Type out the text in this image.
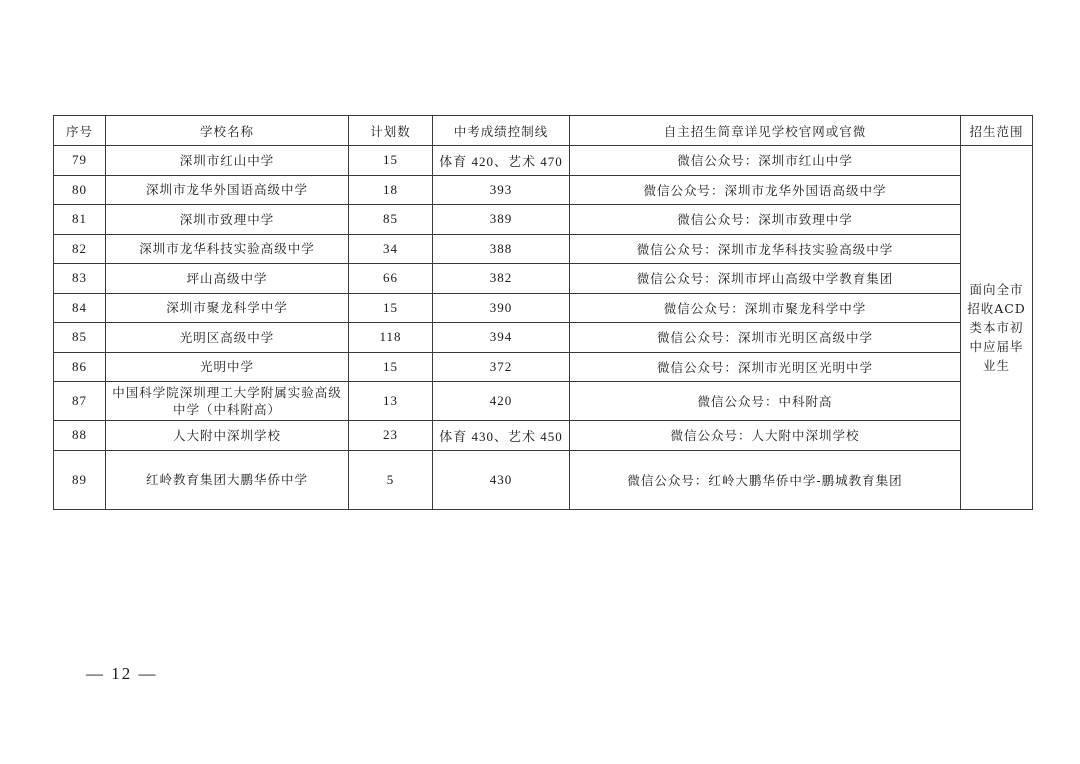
序号	学校名称	计划数	中考成绩控制线	自主招生简章详见学校官网或官微	招生范围
79	深圳市红山中学	15	体育 420、艺术 470	微信公众号：深圳市红山中学	面向全市招收ACD类本市初中应届毕业生
80	深圳市龙华外国语高级中学	18	393	微信公众号：深圳市龙华外国语高级中学	
81	深圳市致理中学	85	389	微信公众号：深圳市致理中学	
82	深圳市龙华科技实验高级中学	34	388	微信公众号：深圳市龙华科技实验高级中学	
83	坪山高级中学	66	382	微信公众号：深圳市坪山高级中学教育集团	
84	深圳市聚龙科学中学	15	390	微信公众号：深圳市聚龙科学中学	
85	光明区高级中学	118	394	微信公众号：深圳市光明区高级中学	
86	光明中学	15	372	微信公众号：深圳市光明区光明中学	
87	中国科学院深圳理工大学附属实验高级中学（中科附高）	13	420	微信公众号：中科附高	
88	人大附中深圳学校	23	体育 430、艺术 450	微信公众号：人大附中深圳学校	
89	红岭教育集团大鹏华侨中学	5	430	微信公众号：红岭大鹏华侨中学-鹏城教育集团	
— 12 —
